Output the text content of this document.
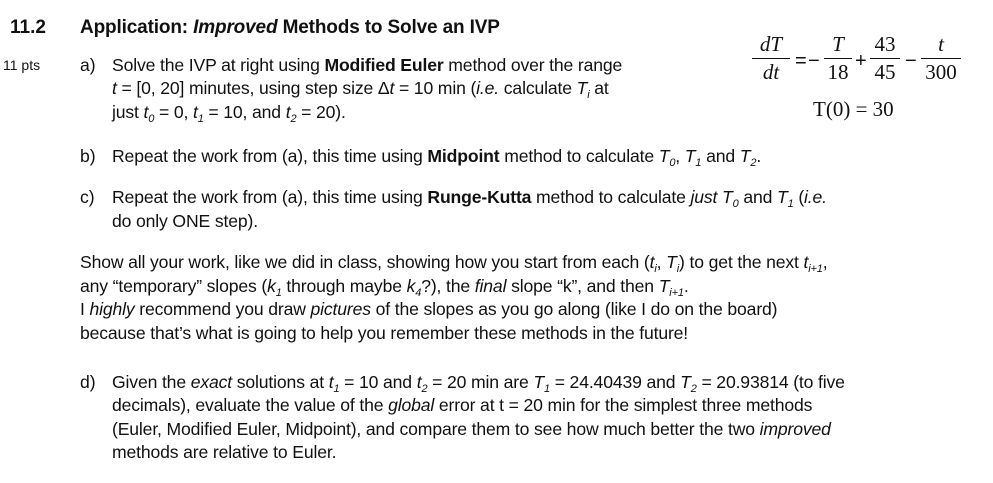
11.2 Application: Improved Methods to Solve an IVP
11 pts
dT
dt = −
T
18 +
43
45 −
t
300
T(0) = 30
a) Solve the IVP at right using Modified Euler method over the range
t = [0, 20] minutes, using step size Δt = 10 min (i.e. calculate $T_i$ at
just $t_0 = 0$, $t_1 = 10$, and $t_2 = 20$).
b) Repeat the work from (a), this time using Midpoint method to calculate $T_0$, $T_1$ and $T_2$.
c) Repeat the work from (a), this time using Runge-Kutta method to calculate just $T_0$ and $T_1$ (i.e.
do only ONE step).
Show all your work, like we did in class, showing how you start from each ($t_i$, $T_i$) to get the next $t_{i+1}$,
any “temporary” slopes ($k_1$ through maybe $k_4$?), the final slope “k”, and then $T_{i+1}$.
I highly recommend you draw pictures of the slopes as you go along (like I do on the board)
because that’s what is going to help you remember these methods in the future!
d) Given the exact solutions at $t_1 = 10$ and $t_2 = 20$ min are $T_1 = 24.40439$ and $T_2 = 20.93814$ (to five
decimals), evaluate the value of the global error at t = 20 min for the simplest three methods
(Euler, Modified Euler, Midpoint), and compare them to see how much better the two improved
methods are relative to Euler.
